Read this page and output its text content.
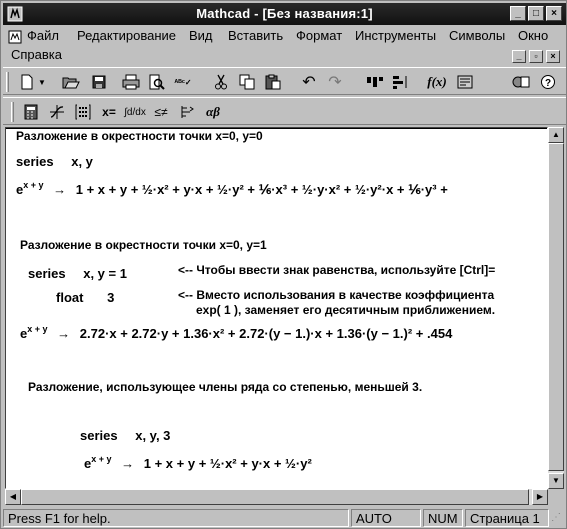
Mathcad - [Без названия:1]	_	□	×
Файл Редактирование Вид Вставить Формат Инструменты Символы Окно
Справка	_	▫	×
▼	ᴬᴮᶜ✓	↶ ↷	f(x)	?
x= ∫d/dx ≤≠	αβ
Разложение в окрестности точки x=0, y=0
series x, y
$e^{x + y} \to 1 + x + y$ + ½·x² + y·x + ½·y² + ⅙·x³ + ½·y·x² + ½·y²·x + ⅙·y³ +
Разложение в окрестности точки x=0, y=1
series x, y = 1	<-- Чтобы ввести знак равенства, используйте [Ctrl]=
float 3	<-- Вместо использования в качестве коэффициента
exp( 1 ), заменяет его десятичным приближением.
$e^{x + y} \to 2.72\cdot x + 2.72\cdot y + 1.36\cdot x^2 + 2.72\cdot(y - 1.)\cdot x + 1.36\cdot(y - 1.)^2 + .454$
Разложение, использующее члены ряда со степенью, меньшей 3.
series x, y, 3
$e^{x + y} \to 1 + x + y$ + ½·x² + y·x + ½·y²
▲
▼
◀	▶
Press F1 for help.	AUTO	NUM Страница 1	⋰
